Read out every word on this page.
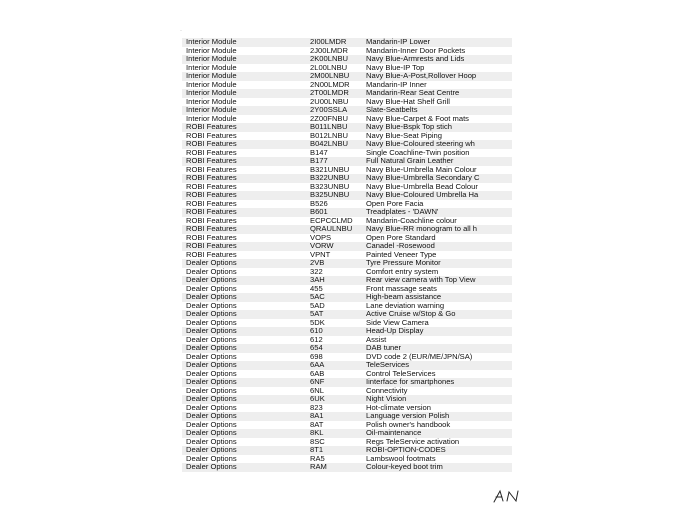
·
Interior Module	2I00LMDR	Mandarin-IP Lower
Interior Module	2J00LMDR	Mandarin-Inner Door Pockets
Interior Module	2K00LNBU	Navy Blue-Armrests and Lids
Interior Module	2L00LNBU	Navy Blue-IP Top
Interior Module	2M00LNBU	Navy Blue-A-Post,Rollover Hoop
Interior Module	2N00LMDR	Mandarin-IP Inner
Interior Module	2T00LMDR	Mandarin-Rear Seat Centre
Interior Module	2U00LNBU	Navy Blue-Hat Shelf Grill
Interior Module	2Y00SSLA	Slate-Seatbelts
Interior Module	2Z00FNBU	Navy Blue-Carpet & Foot mats
ROBI Features	B011LNBU	Navy Blue-Bspk Top stich
ROBI Features	B012LNBU	Navy Blue-Seat Piping
ROBI Features	B042LNBU	Navy Blue-Coloured steering wh
ROBI Features	B147	Single Coachline-Twin position
ROBI Features	B177	Full Natural Grain Leather
ROBI Features	B321UNBU	Navy Blue-Umbrella Main Colour
ROBI Features	B322UNBU	Navy Blue-Umbrella Secondary C
ROBI Features	B323UNBU	Navy Blue-Umbrella Bead Colour
ROBI Features	B325UNBU	Navy Blue-Coloured Umbrella Ha
ROBI Features	B526	Open Pore Facia
ROBI Features	B601	Treadplates - 'DAWN'
ROBI Features	ECPCCLMD	Mandarin-Coachline colour
ROBI Features	QRAULNBU	Navy Blue-RR monogram to all h
ROBI Features	VOPS	Open Pore Standard
ROBI Features	VORW	Canadel -Rosewood
ROBI Features	VPNT	Painted Veneer Type
Dealer Options	2VB	Tyre Pressure Monitor
Dealer Options	322	Comfort entry system
Dealer Options	3AH	Rear view camera with Top View
Dealer Options	455	Front massage seats
Dealer Options	5AC	High-beam assistance
Dealer Options	5AD	Lane deviation warning
Dealer Options	5AT	Active Cruise w/Stop & Go
Dealer Options	5DK	Side View Camera
Dealer Options	610	Head-Up Display
Dealer Options	612	Assist
Dealer Options	654	DAB tuner
Dealer Options	698	DVD code 2 (EUR/ME/JPN/SA)
Dealer Options	6AA	TeleServices
Dealer Options	6AB	Control TeleServices
Dealer Options	6NF	Iinterface for smartphones
Dealer Options	6NL	Connectivity
Dealer Options	6UK	Night Vision
Dealer Options	823	Hot-climate version
Dealer Options	8A1	Language version Polish
Dealer Options	8AT	Polish owner's handbook
Dealer Options	8KL	Oil-maintenance
Dealer Options	8SC	Regs TeleService activation
Dealer Options	8T1	ROBI-OPTION-CODES
Dealer Options	RA5	Lambswool footmats
Dealer Options	RAM	Colour-keyed boot trim
